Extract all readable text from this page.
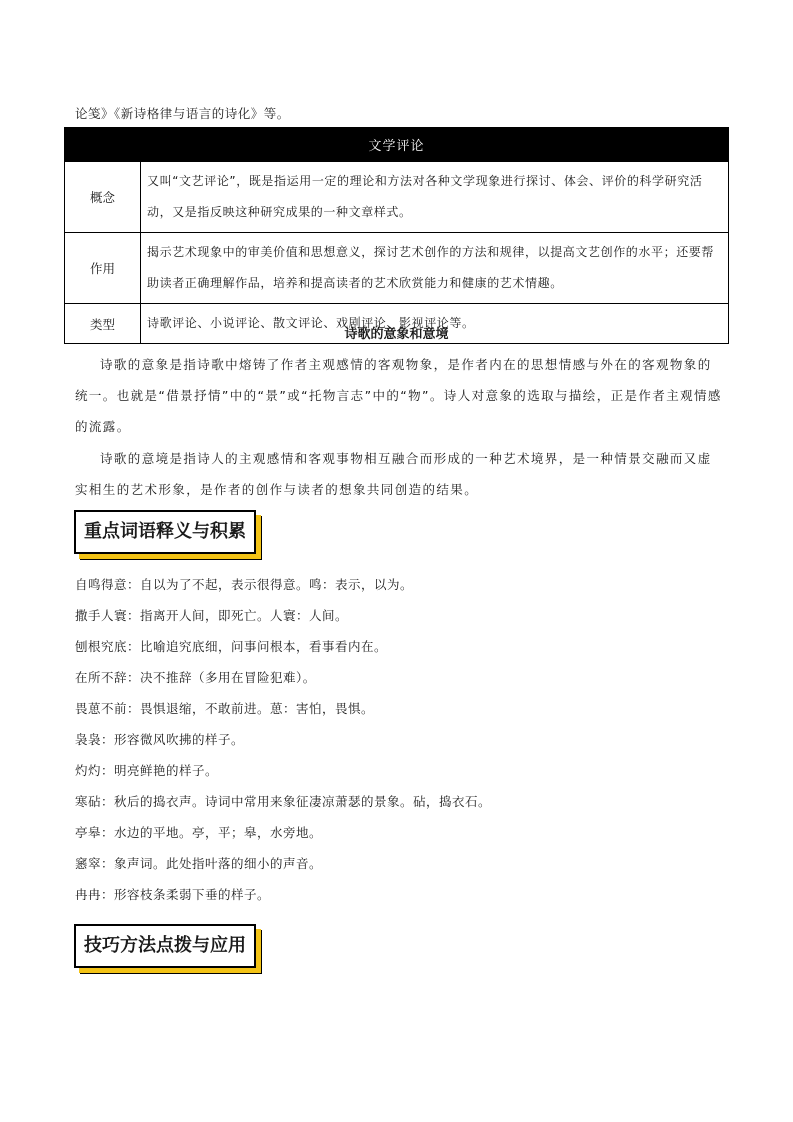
论笺》《新诗格律与语言的诗化》等。
文学评论	
概念	又叫“文艺评论”，既是指运用一定的理论和方法对各种文学现象进行探讨、体会、评价的科学研究活动，又是指反映这种研究成果的一种文章样式。
作用	揭示艺术现象中的审美价值和思想意义，探讨艺术创作的方法和规律，以提高文艺创作的水平；还要帮助读者正确理解作品，培养和提高读者的艺术欣赏能力和健康的艺术情趣。
类型	诗歌评论、小说评论、散文评论、戏剧评论、影视评论等。
诗歌的意象和意境

诗歌的意象是指诗歌中熔铸了作者主观感情的客观物象，是作者内在的思想情感与外在的客观物象的统一。也就是“借景抒情”中的“景”或“托物言志”中的“物”。诗人对意象的选取与描绘，正是作者主观情感的流露。

诗歌的意境是指诗人的主观感情和客观事物相互融合而形成的一种艺术境界，是一种情景交融而又虚实相生的艺术形象，是作者的创作与读者的想象共同创造的结果。

重点词语释义与积累
自鸣得意：自以为了不起，表示很得意。鸣：表示，以为。
撒手人寰：指离开人间，即死亡。人寰：人间。
刨根究底：比喻追究底细，问事问根本，看事看内在。
在所不辞：决不推辞（多用在冒险犯难）。
畏葸不前：畏惧退缩，不敢前进。葸：害怕，畏惧。
袅袅：形容微风吹拂的样子。
灼灼：明亮鲜艳的样子。
寒砧：秋后的捣衣声。诗词中常用来象征凄凉萧瑟的景象。砧，捣衣石。
亭皋：水边的平地。亭，平；皋，水旁地。
窸窣：象声词。此处指叶落的细小的声音。
冉冉：形容枝条柔弱下垂的样子。
技巧方法点拨与应用
